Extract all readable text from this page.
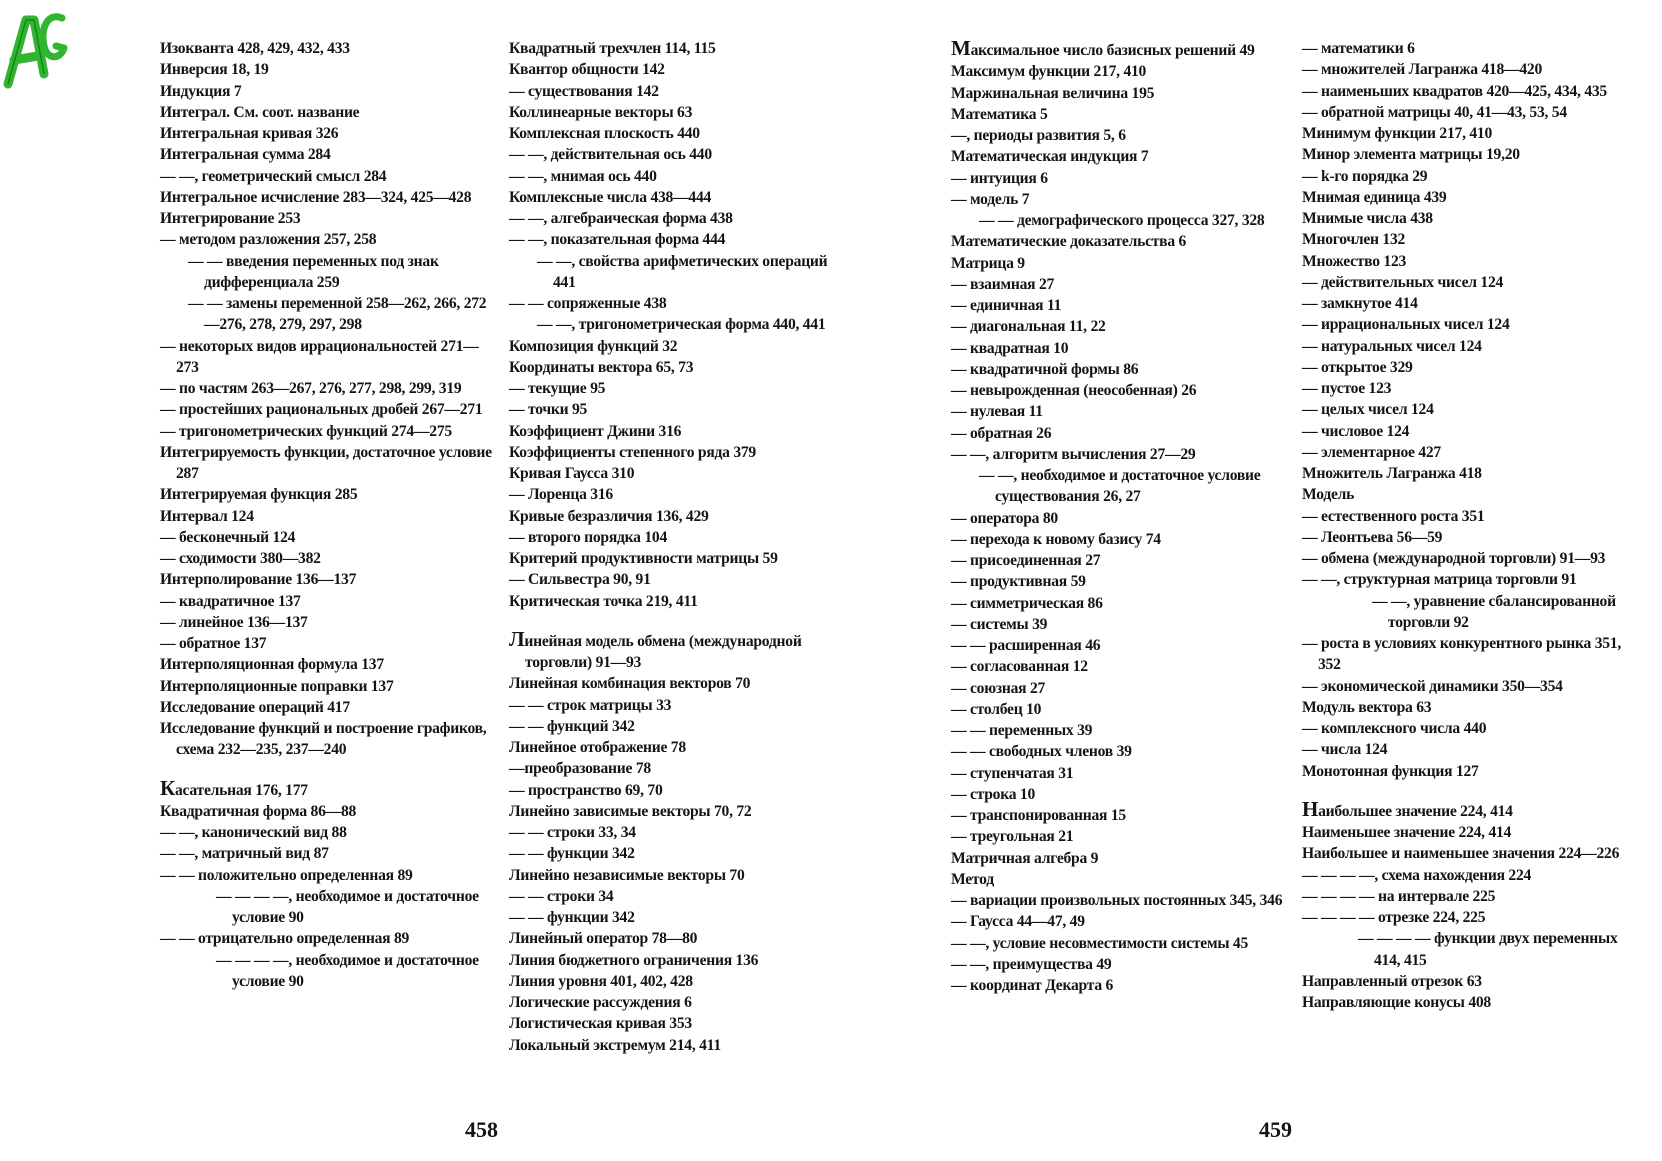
Изокванта 428, 429, 432, 433
Инверсия 18, 19
Индукция 7
Интеграл. См. соот. название
Интегральная кривая 326
Интегральная сумма 284
— —, геометрический смысл 284
Интегральное исчисление 283—324, 425—428
Интегрирование 253
— методом разложения 257, 258
— — введения переменных под знак дифференциала 259
— — замены переменной 258—262, 266, 272—276, 278, 279, 297, 298
— некоторых видов иррациональностей 271—273
— по частям 263—267, 276, 277, 298, 299, 319
— простейших рациональных дробей 267—271
— тригонометрических функций 274—275
Интегрируемость функции, достаточное условие 287
Интегрируемая функция 285
Интервал 124
— бесконечный 124
— сходимости 380—382
Интерполирование 136—137
— квадратичное 137
— линейное 136—137
— обратное 137
Интерполяционная формула 137
Интерполяционные поправки 137
Исследование операций 417
Исследование функций и построение графиков, схема 232—235, 237—240
Касательная 176, 177
Квадратичная форма 86—88
— —, канонический вид 88
— —, матричный вид 87
— — положительно определенная 89
— — — —, необходимое и достаточное условие 90
— — отрицательно определенная 89
— — — —, необходимое и достаточное условие 90
Квадратный трехчлен 114, 115
Квантор общности 142
— существования 142
Коллинеарные векторы 63
Комплексная плоскость 440
— —, действительная ось 440
— —, мнимая ось 440
Комплексные числа 438—444
— —, алгебраическая форма 438
— —, показательная форма 444
— —, свойства арифметических операций 441
— — сопряженные 438
— —, тригонометрическая форма 440, 441
Композиция функций 32
Координаты вектора 65, 73
— текущие 95
— точки 95
Коэффициент Джини 316
Коэффициенты степенного ряда 379
Кривая Гаусса 310
— Лоренца 316
Кривые безразличия 136, 429
— второго порядка 104
Критерий продуктивности матрицы 59
— Сильвестра 90, 91
Критическая точка 219, 411
Линейная модель обмена (международной торговли) 91—93
Линейная комбинация векторов 70
— — строк матрицы 33
— — функций 342
Линейное отображение 78
—преобразование 78
— пространство 69, 70
Линейно зависимые векторы 70, 72
— — строки 33, 34
— — функции 342
Линейно независимые векторы 70
— — строки 34
— — функции 342
Линейный оператор 78—80
Линия бюджетного ограничения 136
Линия уровня 401, 402, 428
Логические рассуждения 6
Логистическая кривая 353
Локальный экстремум 214, 411
Максимальное число базисных решений 49
Максимум функции 217, 410
Маржинальная величина 195
Математика 5
—, периоды развития 5, 6
Математическая индукция 7
— интуиция 6
— модель 7
— — демографического процесса 327, 328
Математические доказательства 6
Матрица 9
— взаимная 27
— единичная 11
— диагональная 11, 22
— квадратная 10
— квадратичной формы 86
— невырожденная (неособенная) 26
— нулевая 11
— обратная 26
— —, алгоритм вычисления 27—29
— —, необходимое и достаточное условие существования 26, 27
— оператора 80
— перехода к новому базису 74
— присоединенная 27
— продуктивная 59
— симметрическая 86
— системы 39
— — расширенная 46
— согласованная 12
— союзная 27
— столбец 10
— — переменных 39
— — свободных членов 39
— ступенчатая 31
— строка 10
— транспонированная 15
— треугольная 21
Матричная алгебра 9
Метод
— вариации произвольных постоянных 345, 346
— Гаусса 44—47, 49
— —, условие несовместимости системы 45
— —, преимущества 49
— координат Декарта 6
— математики 6
— множителей Лагранжа 418—420
— наименьших квадратов 420—425, 434, 435
— обратной матрицы 40, 41—43, 53, 54
Минимум функции 217, 410
Минор элемента матрицы 19,20
— k-го порядка 29
Мнимая единица 439
Мнимые числа 438
Многочлен 132
Множество 123
— действительных чисел 124
— замкнутое 414
— иррациональных чисел 124
— натуральных чисел 124
— открытое 329
— пустое 123
— целых чисел 124
— числовое 124
— элементарное 427
Множитель Лагранжа 418
Модель
— естественного роста 351
— Леонтьева 56—59
— обмена (международной торговли) 91—93
— —, структурная матрица торговли 91
— —, уравнение сбалансированной торговли 92
— роста в условиях конкурентного рынка 351, 352
— экономической динамики 350—354
Модуль вектора 63
— комплексного числа 440
— числа 124
Монотонная функция 127
Наибольшее значение 224, 414
Наименьшее значение 224, 414
Наибольшее и наименьшее значения 224—226
— — — —, схема нахождения 224
— — — — на интервале 225
— — — — отрезке 224, 225
— — — — функции двух переменных 414, 415
Направленный отрезок 63
Направляющие конусы 408
458	459
